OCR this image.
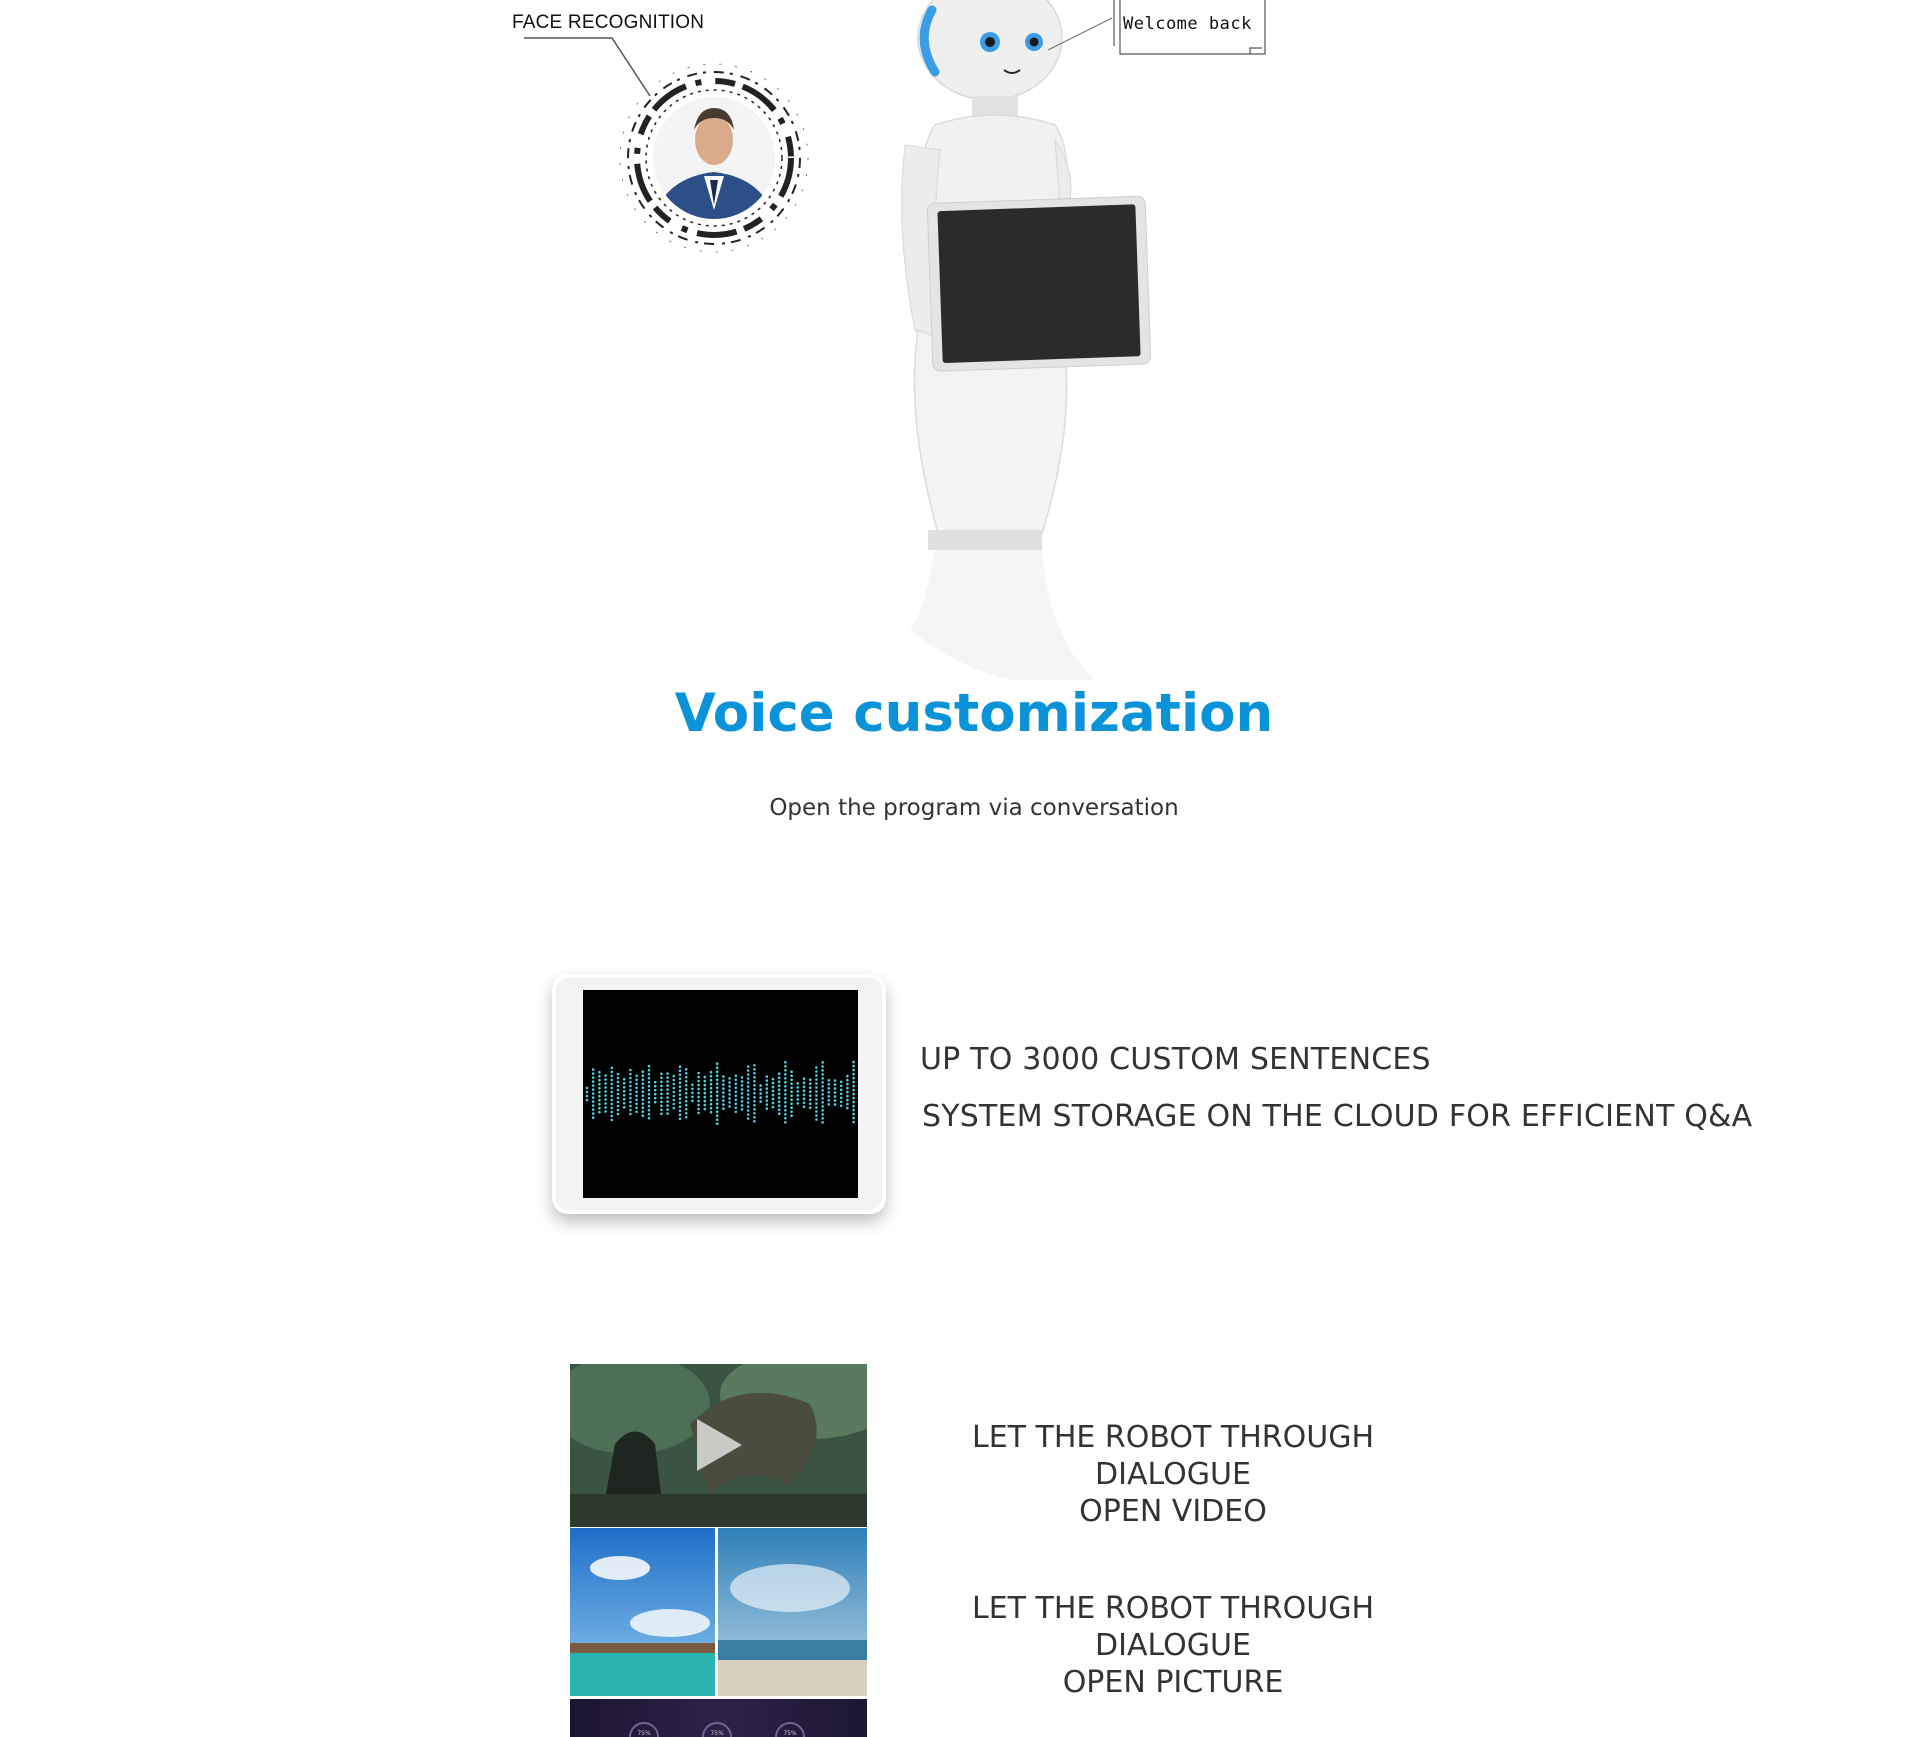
FACE RECOGNITION	Welcome back
Voice customization
Open the program via conversation
UP TO 3000 CUSTOM SENTENCES
SYSTEM STORAGE ON THE CLOUD FOR EFFICIENT Q&A
75%	75%	75%
LET THE ROBOT THROUGH DIALOGUE
OPEN VIDEO
LET THE ROBOT THROUGH DIALOGUE
OPEN PICTURE
